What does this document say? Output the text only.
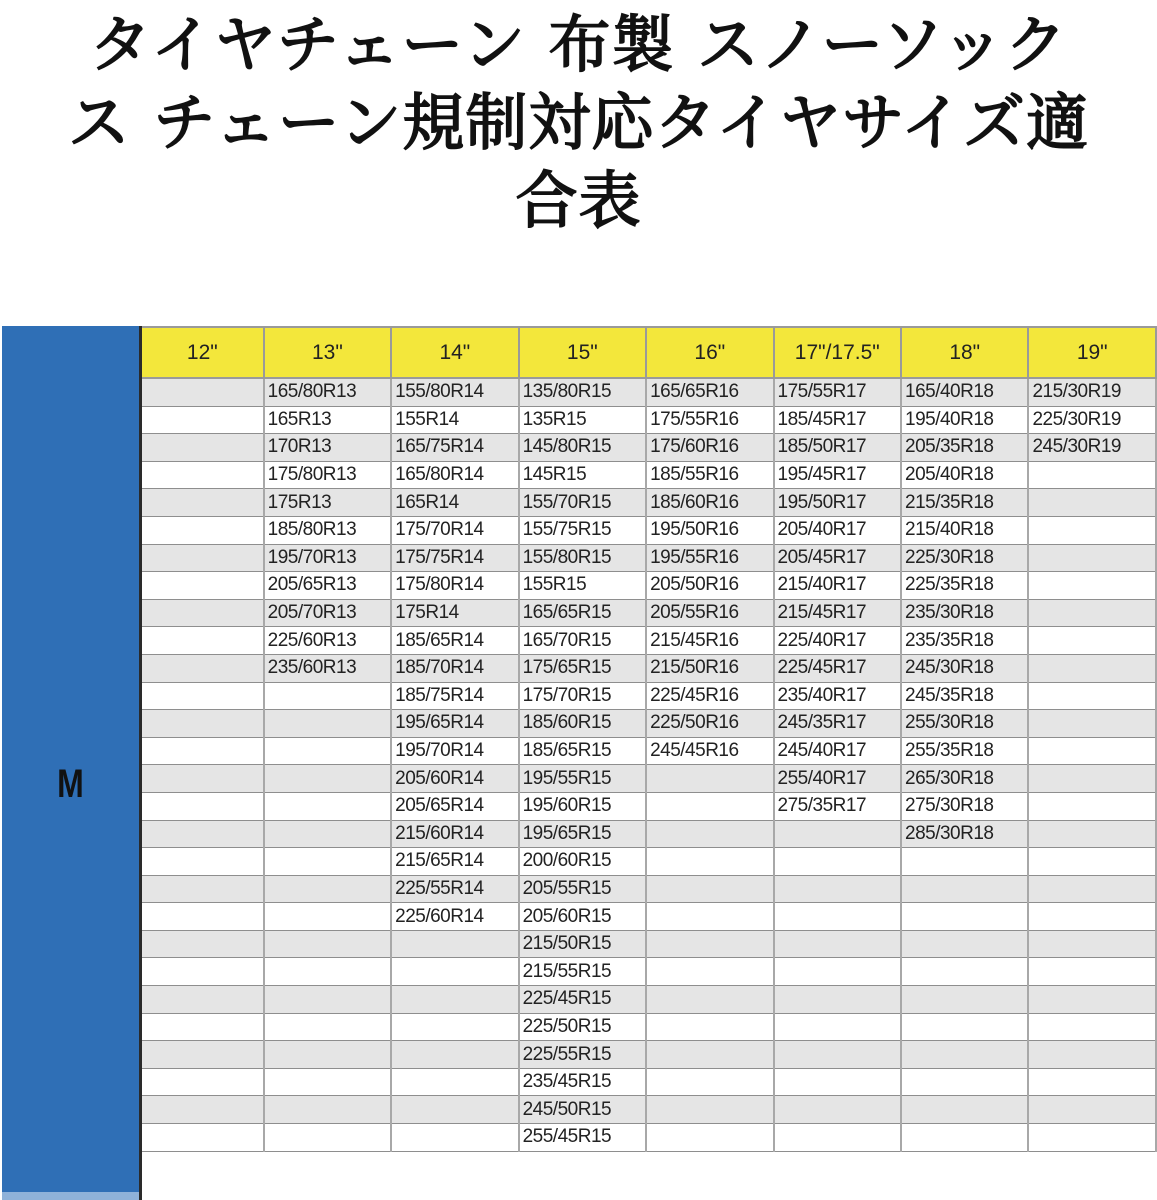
タイヤチェーン 布製 スノーソック
ス チェーン規制対応タイヤサイズ適
合表
M
12"	13"	14"	15"	16"	17"/17.5"	18"	19"
	165/80R13	155/80R14	135/80R15	165/65R16	175/55R17	165/40R18	215/30R19
	165R13	155R14	135R15	175/55R16	185/45R17	195/40R18	225/30R19
	170R13	165/75R14	145/80R15	175/60R16	185/50R17	205/35R18	245/30R19
	175/80R13	165/80R14	145R15	185/55R16	195/45R17	205/40R18	
	175R13	165R14	155/70R15	185/60R16	195/50R17	215/35R18	
	185/80R13	175/70R14	155/75R15	195/50R16	205/40R17	215/40R18	
	195/70R13	175/75R14	155/80R15	195/55R16	205/45R17	225/30R18	
	205/65R13	175/80R14	155R15	205/50R16	215/40R17	225/35R18	
	205/70R13	175R14	165/65R15	205/55R16	215/45R17	235/30R18	
	225/60R13	185/65R14	165/70R15	215/45R16	225/40R17	235/35R18	
	235/60R13	185/70R14	175/65R15	215/50R16	225/45R17	245/30R18	
		185/75R14	175/70R15	225/45R16	235/40R17	245/35R18	
		195/65R14	185/60R15	225/50R16	245/35R17	255/30R18	
		195/70R14	185/65R15	245/45R16	245/40R17	255/35R18	
		205/60R14	195/55R15		255/40R17	265/30R18	
		205/65R14	195/60R15		275/35R17	275/30R18	
		215/60R14	195/65R15			285/30R18	
		215/65R14	200/60R15				
		225/55R14	205/55R15				
		225/60R14	205/60R15				
			215/50R15				
			215/55R15				
			225/45R15				
			225/50R15				
			225/55R15				
			235/45R15				
			245/50R15				
			255/45R15				
